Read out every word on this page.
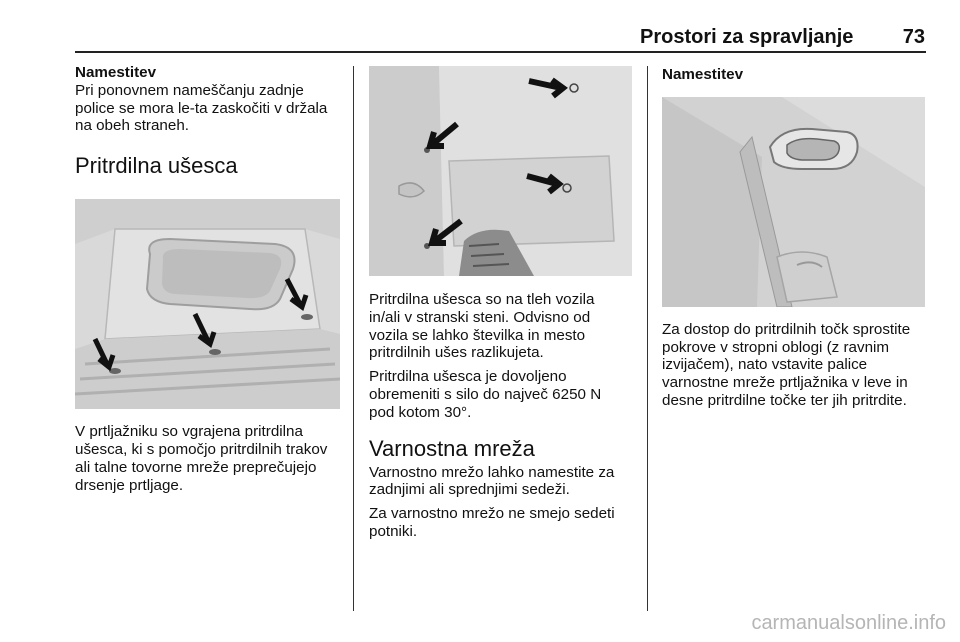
Prostori za spravljanje	73

Namestitev

Pri ponovnem nameščanju zadnje
police se mora le-ta zaskočiti v držala
na obeh straneh.

Pritrdilna ušesca

V prtljažniku so vgrajena pritrdilna
ušesca, ki s pomočjo pritrdilnih trakov
ali talne tovorne mreže preprečujejo
drsenje prtljage.

Pritrdilna ušesca so na tleh vozila
in/ali v stranski steni. Odvisno od
vozila se lahko številka in mesto
pritrdilnih ušes razlikujeta.

Pritrdilna ušesca je dovoljeno
obremeniti s silo do največ 6250 N
pod kotom 30°.

Varnostna mreža

Varnostno mrežo lahko namestite za
zadnjimi ali sprednjimi sedeži.

Za varnostno mrežo ne smejo sedeti
potniki.

Namestitev

Za dostop do pritrdilnih točk sprostite
pokrove v stropni oblogi (z ravnim
izvijačem), nato vstavite palice
varnostne mreže prtljažnika v leve in
desne pritrdilne točke ter jih pritrdite.

carmanualsonline.info
